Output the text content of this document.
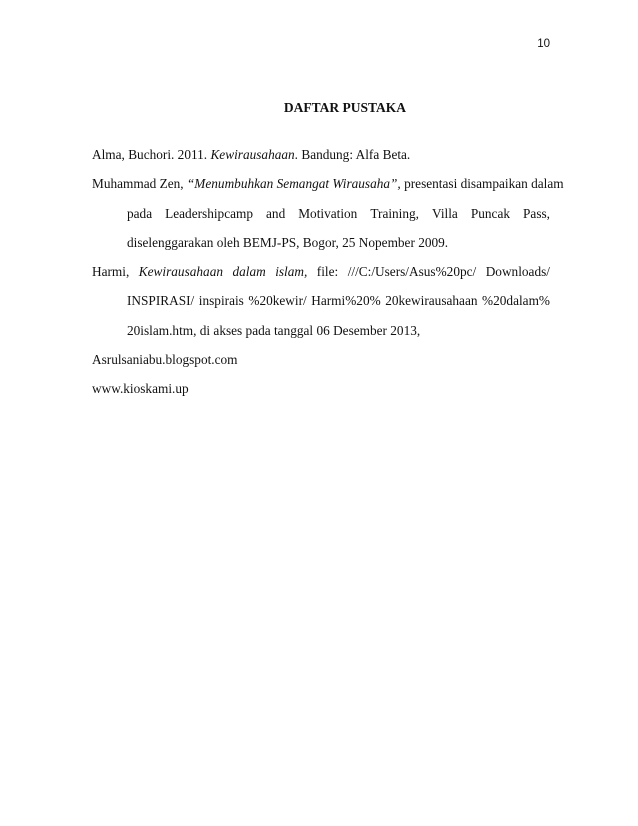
10
DAFTAR PUSTAKA
Alma, Buchori. 2011. Kewirausahaan. Bandung: Alfa Beta.
Muhammad Zen, “Menumbuhkan Semangat Wirausaha”, presentasi disampaikan dalam
pada Leadershipcamp and Motivation Training, Villa Puncak Pass,
diselenggarakan oleh BEMJ-PS, Bogor, 25 Nopember 2009.
Harmi, Kewirausahaan dalam islam, file: ///C:/Users/Asus%20pc/ Downloads/
INSPIRASI/ inspirais %20kewir/ Harmi%20% 20kewirausahaan %20dalam%
20islam.htm, di akses pada tanggal 06 Desember 2013,
Asrulsaniabu.blogspot.com
www.kioskami.up
